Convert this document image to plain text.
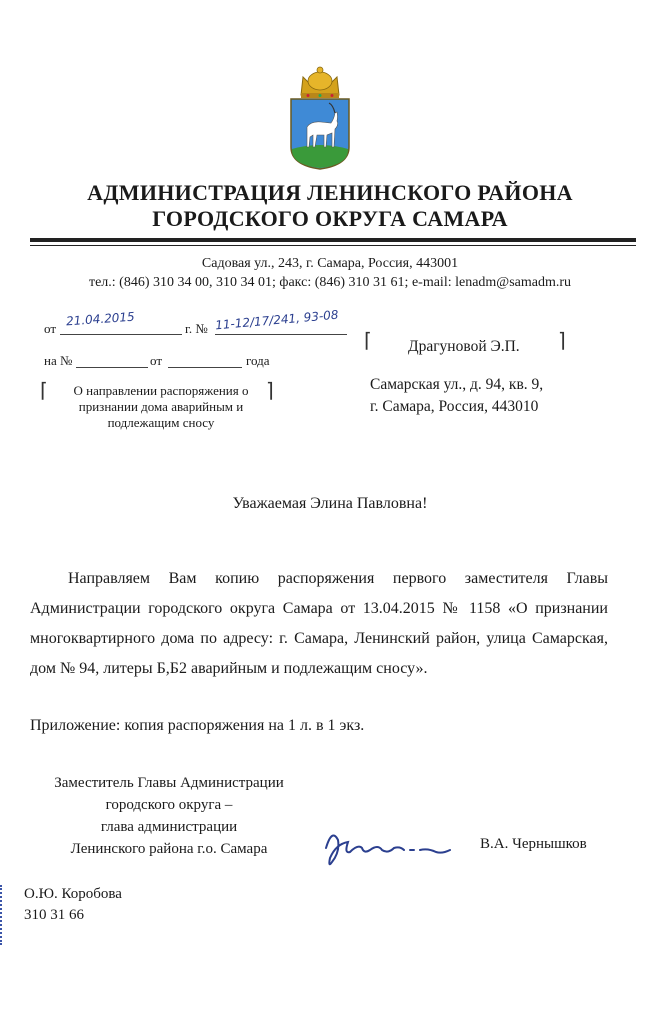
АДМИНИСТРАЦИЯ ЛЕНИНСКОГО РАЙОНА
ГОРОДСКОГО ОКРУГА САМАРА
Садовая ул., 243, г. Самара, Россия, 443001
тел.: (846) 310 34 00, 310 34 01; факс: (846) 310 31 61; e-mail: lenadm@samadm.ru
от
21.04.2015
г. № 11-12/17/241, 93-08
на №	от	года
⌈	⌉
О направлении распоряжения о
признании дома аварийным и
подлежащим сносу
⌈	⌉
Драгуновой Э.П.
Самарская ул., д. 94, кв. 9,
г. Самара, Россия, 443010
Уважаемая Элина Павловна!

Направляем Вам копию распоряжения первого заместителя Главы Администрации городского округа Самара от 13.04.2015 № 1158 «О признании многоквартирного дома по адресу: г. Самара, Ленинский район, улица Самарская, дом № 94, литеры Б,Б2 аварийным и подлежащим сносу».

Приложение: копия распоряжения на 1 л. в 1 экз.
Заместитель Главы Администрации
городского округа –
глава администрации
Ленинского района г.о. Самара	В.А. Чернышков
О.Ю. Коробова
310 31 66
